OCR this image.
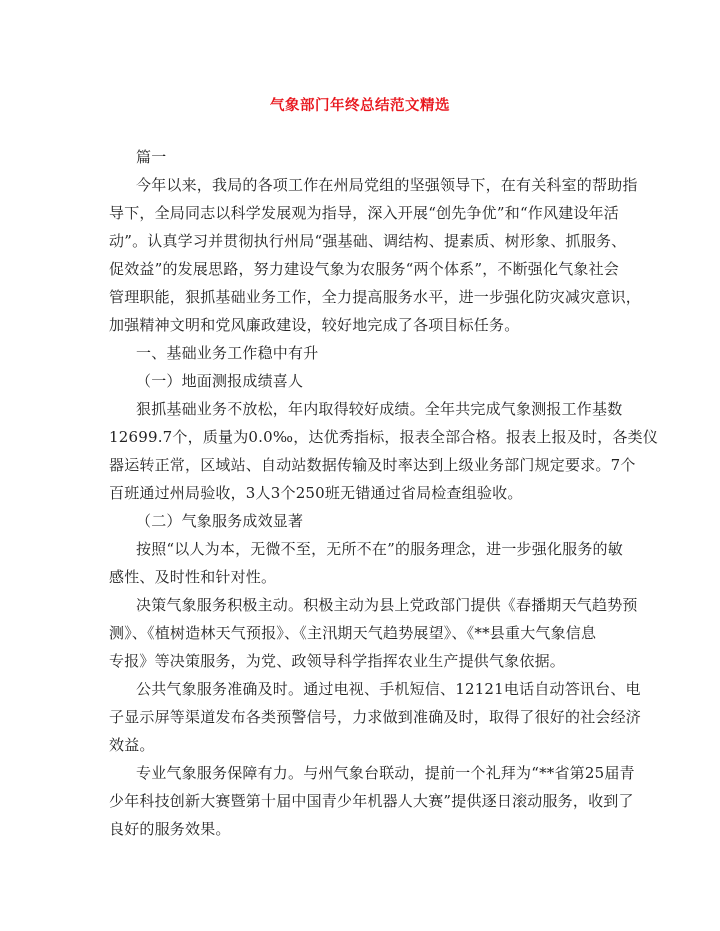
气象部门年终总结范文精选
篇一
今年以来，我局的各项工作在州局党组的坚强领导下，在有关科室的帮助指
导下，全局同志以科学发展观为指导，深入开展“创先争优”和“作风建设年活
动”。认真学习并贯彻执行州局“强基础、调结构、提素质、树形象、抓服务、
促效益”的发展思路，努力建设气象为农服务“两个体系”，不断强化气象社会
管理职能，狠抓基础业务工作，全力提高服务水平，进一步强化防灾减灾意识，
加强精神文明和党风廉政建设，较好地完成了各项目标任务。
一、基础业务工作稳中有升
（一）地面测报成绩喜人
狠抓基础业务不放松，年内取得较好成绩。全年共完成气象测报工作基数
12699.7个，质量为0.0‰，达优秀指标，报表全部合格。报表上报及时，各类仪
器运转正常，区域站、自动站数据传输及时率达到上级业务部门规定要求。7个
百班通过州局验收，3人3个250班无错通过省局检查组验收。
（二）气象服务成效显著
按照“以人为本，无微不至，无所不在”的服务理念，进一步强化服务的敏
感性、及时性和针对性。
决策气象服务积极主动。积极主动为县上党政部门提供《春播期天气趋势预
测》、《植树造林天气预报》、《主汛期天气趋势展望》、《**县重大气象信息
专报》等决策服务，为党、政领导科学指挥农业生产提供气象依据。
公共气象服务准确及时。通过电视、手机短信、12121电话自动答讯台、电
子显示屏等渠道发布各类预警信号，力求做到准确及时，取得了很好的社会经济
效益。
专业气象服务保障有力。与州气象台联动，提前一个礼拜为“**省第25届青
少年科技创新大赛暨第十届中国青少年机器人大赛”提供逐日滚动服务，收到了
良好的服务效果。
